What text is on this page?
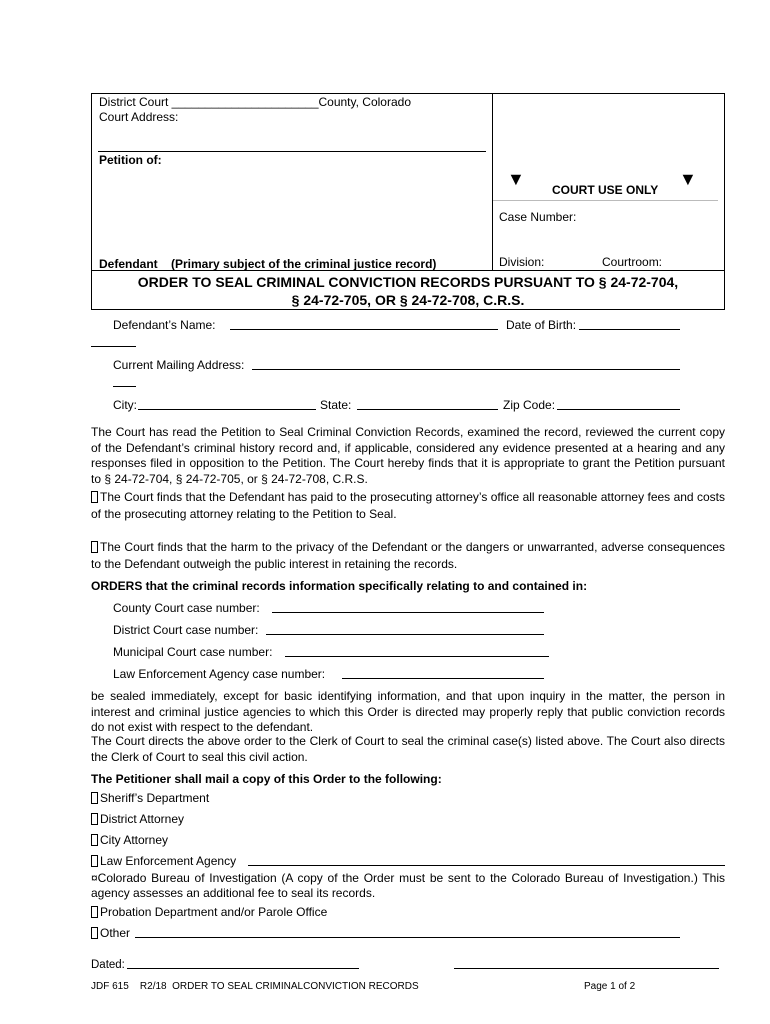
District Court ______________________County, Colorado
Court Address:
Petition of:
Defendant    (Primary subject of the criminal justice record)
▼	▼
COURT USE ONLY
Case Number:
Division:	Courtroom:
ORDER TO SEAL CRIMINAL CONVICTION RECORDS PURSUANT TO § 24-72-704,
§ 24-72-705, OR § 24-72-708, C.R.S.
Defendant’s Name:	Date of Birth:
Current Mailing Address:
City:	State:	Zip Code:
The Court has read the Petition to Seal Criminal Conviction Records, examined the record, reviewed the current copy of the Defendant’s criminal history record and, if applicable, considered any evidence presented at a hearing and any responses filed in opposition to the Petition. The Court hereby finds that it is appropriate to grant the Petition pursuant to § 24-72-704, § 24-72-705, or § 24-72-708, C.R.S.
The Court finds that the Defendant has paid to the prosecuting attorney’s office all reasonable attorney fees and costs of the prosecuting attorney relating to the Petition to Seal.
The Court finds that the harm to the privacy of the Defendant or the dangers or unwarranted, adverse consequences to the Defendant outweigh the public interest in retaining the records.
ORDERS that the criminal records information specifically relating to and contained in:
County Court case number:
District Court case number:
Municipal Court case number:
Law Enforcement Agency case number:
be sealed immediately, except for basic identifying information, and that upon inquiry in the matter, the person in interest and criminal justice agencies to which this Order is directed may properly reply that public conviction records do not exist with respect to the defendant.
The Court directs the above order to the Clerk of Court to seal the criminal case(s) listed above. The Court also directs the Clerk of Court to seal this civil action.
The Petitioner shall mail a copy of this Order to the following:
Sheriff’s Department
District Attorney
City Attorney
Law Enforcement Agency
¤Colorado Bureau of Investigation (A copy of the Order must be sent to the Colorado Bureau of Investigation.) This agency assesses an additional fee to seal its records.
Probation Department and/or Parole Office
Other
Dated:
JDF 615    R2/18  ORDER TO SEAL CRIMINALCONVICTION RECORDS	Page 1 of 2
